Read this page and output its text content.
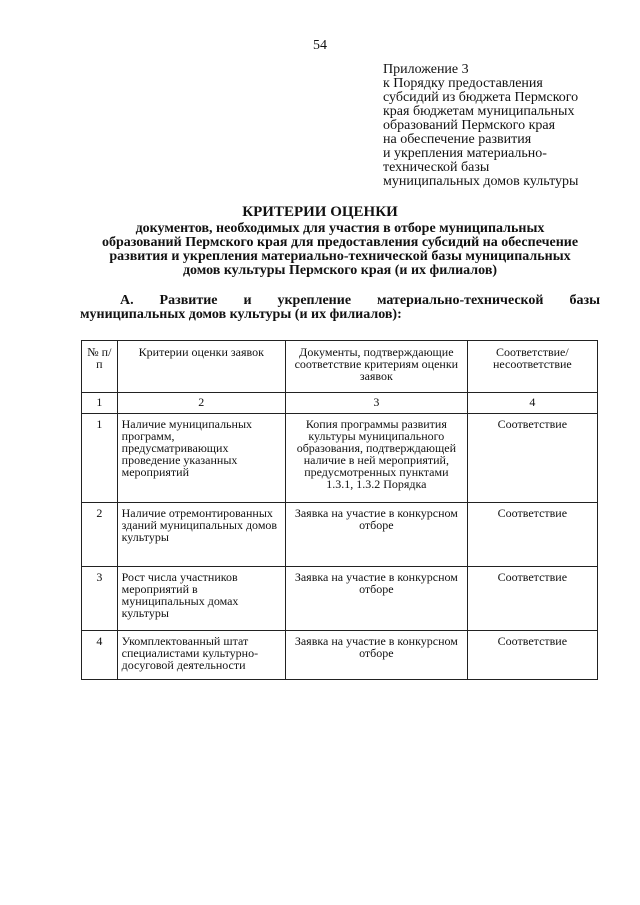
54
Приложение 3
к Порядку предоставления
субсидий из бюджета Пермского
края бюджетам муниципальных
образований Пермского края
на обеспечение развития
и укрепления материально-
технической базы
муниципальных домов культуры
КРИТЕРИИ ОЦЕНКИ
документов, необходимых для участия в отборе муниципальных
образований Пермского края для предоставления субсидий на обеспечение
развития и укрепления материально-технической базы муниципальных
домов культуры Пермского края (и их филиалов)
А. Развитие и укрепление материально-технической базы
муниципальных домов культуры (и их филиалов):
№ п/п	Критерии оценки заявок	Документы, подтверждающие соответствие критериям оценки заявок	Соответствие/ несоответствие
1	2	3	4
1	Наличие муниципальных программ, предусматривающих проведение указанных мероприятий	Копия программы развития культуры муниципального образования, подтверждающей наличие в ней мероприятий, предусмотренных пунктами 1.3.1, 1.3.2 Порядка	Соответствие
2	Наличие отремонтированных зданий муниципальных домов культуры	Заявка на участие в конкурсном отборе	Соответствие
3	Рост числа участников мероприятий в муниципальных домах культуры	Заявка на участие в конкурсном отборе	Соответствие
4	Укомплектованный штат специалистами культурно-досуговой деятельности	Заявка на участие в конкурсном отборе	Соответствие
